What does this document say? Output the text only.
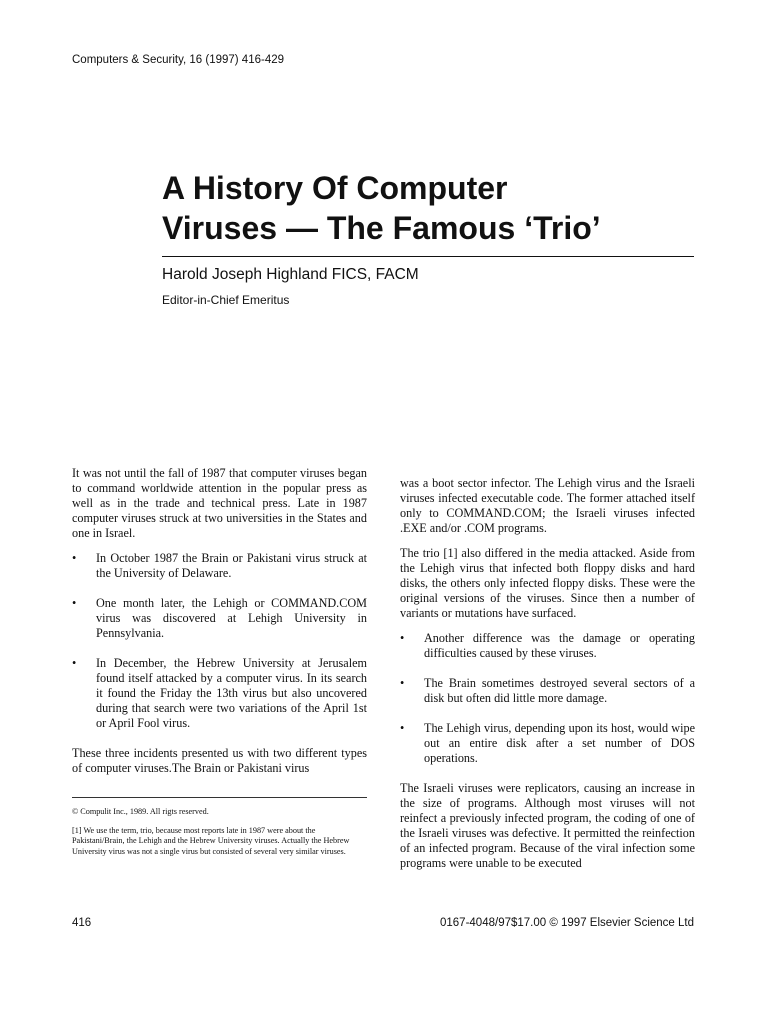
Computers & Security, 16 (1997) 416-429
A History Of Computer
Viruses — The Famous ‘Trio’
Harold Joseph Highland FICS, FACM
Editor-in-Chief Emeritus

It was not until the fall of 1987 that computer viruses began to command worldwide attention in the popular press as well as in the trade and technical press. Late in 1987 computer viruses struck at two universities in the States and one in Israel.

• In October 1987 the Brain or Pakistani virus struck at the University of Delaware.
• One month later, the Lehigh or COMMAND.COM virus was discovered at Lehigh University in Pennsylvania.
• In December, the Hebrew University at Jerusalem found itself attacked by a computer virus. In its search it found the Friday the 13th virus but also uncovered during that search were two variations of the April 1st or April Fool virus.

These three incidents presented us with two different types of computer viruses.The Brain or Pakistani virus

© Compulit Inc., 1989. All rigts reserved.

[1] We use the term, trio, because most reports late in 1987 were about the Pakistani/Brain, the Lehigh and the Hebrew University viruses. Actually the Hebrew University virus was not a single virus but consisted of several very similar viruses.

was a boot sector infector. The Lehigh virus and the Israeli viruses infected executable code. The former attached itself only to COMMAND.COM; the Israeli viruses infected .EXE and/or .COM programs.

The trio [1] also differed in the media attacked. Aside from the Lehigh virus that infected both floppy disks and hard disks, the others only infected floppy disks. These were the original versions of the viruses. Since then a number of variants or mutations have surfaced.

• Another difference was the damage or operating difficulties caused by these viruses.
• The Brain sometimes destroyed several sectors of a disk but often did little more damage.
• The Lehigh virus, depending upon its host, would wipe out an entire disk after a set number of DOS operations.

The Israeli viruses were replicators, causing an increase in the size of programs. Although most viruses will not reinfect a previously infected program, the coding of one of the Israeli viruses was defective. It permitted the reinfection of an infected program. Because of the viral infection some programs were unable to be executed

416	0167-4048/97$17.00 © 1997 Elsevier Science Ltd
